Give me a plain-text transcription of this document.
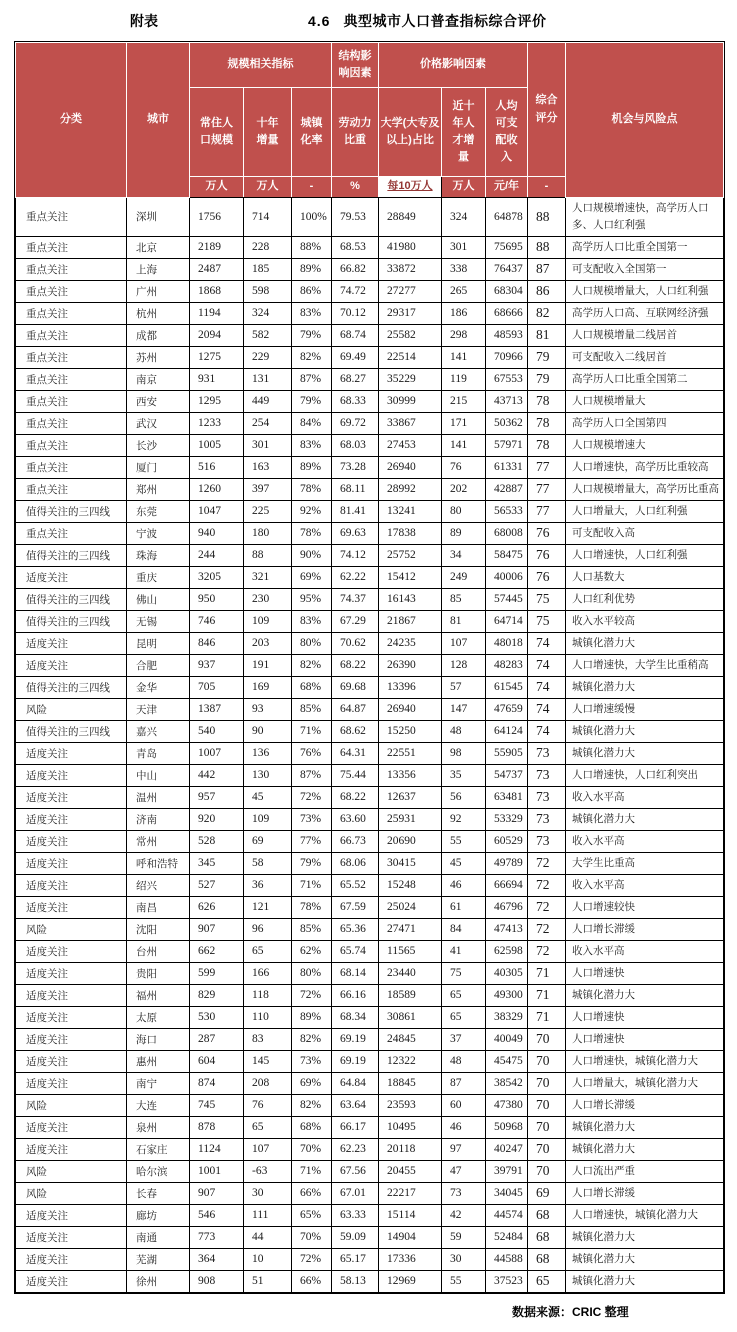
附表	4.6 典型城市人口普查指标综合评价
分类	城市	规模相关指标			结构影响因素	价格影响因素			综合评分	机会与风险点
		常住人口规模	十年增量	城镇化率	劳动力比重	大学(大专及以上)占比	近十年人才增量	人均可支配收入		
		万人	万人	-	%	每10万人	万人	元/年	-	
重点关注	深圳	1756	714	100%	79.53	28849	324	64878	88	人口规模增速快，高学历人口多、人口红利强
重点关注	北京	2189	228	88%	68.53	41980	301	75695	88	高学历人口比重全国第一
重点关注	上海	2487	185	89%	66.82	33872	338	76437	87	可支配收入全国第一
重点关注	广州	1868	598	86%	74.72	27277	265	68304	86	人口规模增量大，人口红利强
重点关注	杭州	1194	324	83%	70.12	29317	186	68666	82	高学历人口高、互联网经济强
重点关注	成都	2094	582	79%	68.74	25582	298	48593	81	人口规模增量二线居首
重点关注	苏州	1275	229	82%	69.49	22514	141	70966	79	可支配收入二线居首
重点关注	南京	931	131	87%	68.27	35229	119	67553	79	高学历人口比重全国第二
重点关注	西安	1295	449	79%	68.33	30999	215	43713	78	人口规模增量大
重点关注	武汉	1233	254	84%	69.72	33867	171	50362	78	高学历人口全国第四
重点关注	长沙	1005	301	83%	68.03	27453	141	57971	78	人口规模增速大
重点关注	厦门	516	163	89%	73.28	26940	76	61331	77	人口增速快，高学历比重较高
重点关注	郑州	1260	397	78%	68.11	28992	202	42887	77	人口规模增量大，高学历比重高
值得关注的三四线	东莞	1047	225	92%	81.41	13241	80	56533	77	人口增量大，人口红利强
重点关注	宁波	940	180	78%	69.63	17838	89	68008	76	可支配收入高
值得关注的三四线	珠海	244	88	90%	74.12	25752	34	58475	76	人口增速快，人口红利强
适度关注	重庆	3205	321	69%	62.22	15412	249	40006	76	人口基数大
值得关注的三四线	佛山	950	230	95%	74.37	16143	85	57445	75	人口红利优势
值得关注的三四线	无锡	746	109	83%	67.29	21867	81	64714	75	收入水平较高
适度关注	昆明	846	203	80%	70.62	24235	107	48018	74	城镇化潜力大
适度关注	合肥	937	191	82%	68.22	26390	128	48283	74	人口增速快，大学生比重稍高
值得关注的三四线	金华	705	169	68%	69.68	13396	57	61545	74	城镇化潜力大
风险	天津	1387	93	85%	64.87	26940	147	47659	74	人口增速缓慢
值得关注的三四线	嘉兴	540	90	71%	68.62	15250	48	64124	74	城镇化潜力大
适度关注	青岛	1007	136	76%	64.31	22551	98	55905	73	城镇化潜力大
适度关注	中山	442	130	87%	75.44	13356	35	54737	73	人口增速快，人口红利突出
适度关注	温州	957	45	72%	68.22	12637	56	63481	73	收入水平高
适度关注	济南	920	109	73%	63.60	25931	92	53329	73	城镇化潜力大
适度关注	常州	528	69	77%	66.73	20690	55	60529	73	收入水平高
适度关注	呼和浩特	345	58	79%	68.06	30415	45	49789	72	大学生比重高
适度关注	绍兴	527	36	71%	65.52	15248	46	66694	72	收入水平高
适度关注	南昌	626	121	78%	67.59	25024	61	46796	72	人口增速较快
风险	沈阳	907	96	85%	65.36	27471	84	47413	72	人口增长滞缓
适度关注	台州	662	65	62%	65.74	11565	41	62598	72	收入水平高
适度关注	贵阳	599	166	80%	68.14	23440	75	40305	71	人口增速快
适度关注	福州	829	118	72%	66.16	18589	65	49300	71	城镇化潜力大
适度关注	太原	530	110	89%	68.34	30861	65	38329	71	人口增速快
适度关注	海口	287	83	82%	69.19	24845	37	40049	70	人口增速快
适度关注	惠州	604	145	73%	69.19	12322	48	45475	70	人口增速快，城镇化潜力大
适度关注	南宁	874	208	69%	64.84	18845	87	38542	70	人口增量大，城镇化潜力大
风险	大连	745	76	82%	63.64	23593	60	47380	70	人口增长滞缓
适度关注	泉州	878	65	68%	66.17	10495	46	50968	70	城镇化潜力大
适度关注	石家庄	1124	107	70%	62.23	20118	97	40247	70	城镇化潜力大
风险	哈尔滨	1001	-63	71%	67.56	20455	47	39791	70	人口流出严重
风险	长春	907	30	66%	67.01	22217	73	34045	69	人口增长滞缓
适度关注	廊坊	546	111	65%	63.33	15114	42	44574	68	人口增速快，城镇化潜力大
适度关注	南通	773	44	70%	59.09	14904	59	52484	68	城镇化潜力大
适度关注	芜湖	364	10	72%	65.17	17336	30	44588	68	城镇化潜力大
适度关注	徐州	908	51	66%	58.13	12969	55	37523	65	城镇化潜力大
数据来源：CRIC 整理
